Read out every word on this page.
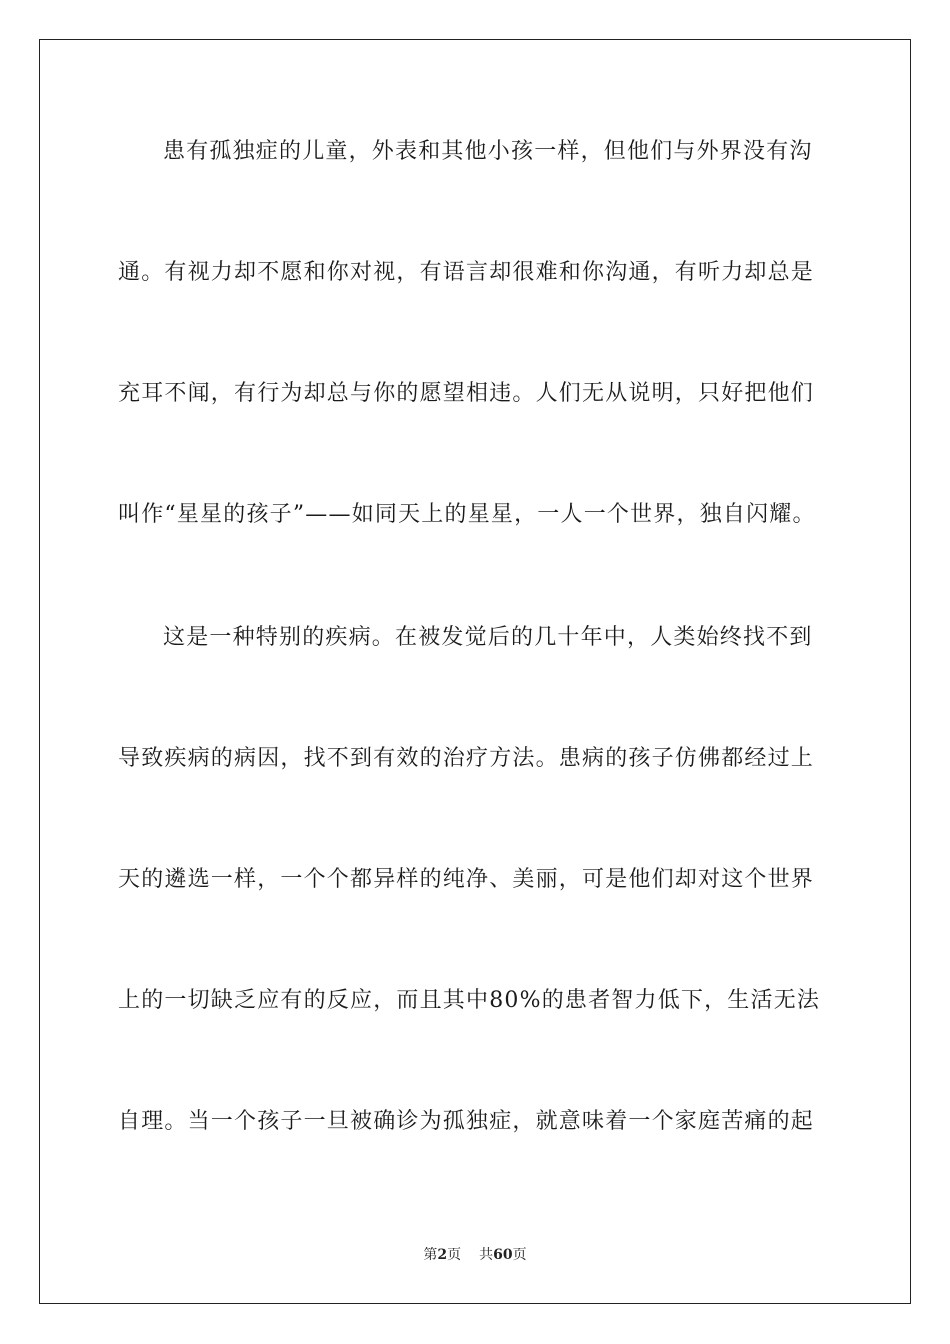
患有孤独症的儿童，外表和其他小孩一样，但他们与外界没有沟
通。有视力却不愿和你对视，有语言却很难和你沟通，有听力却总是
充耳不闻，有行为却总与你的愿望相违。人们无从说明，只好把他们
叫作“星星的孩子”——如同天上的星星，一人一个世界，独自闪耀。
这是一种特别的疾病。在被发觉后的几十年中，人类始终找不到
导致疾病的病因，找不到有效的治疗方法。患病的孩子仿佛都经过上
天的遴选一样，一个个都异样的纯净、美丽，可是他们却对这个世界
上的一切缺乏应有的反应，而且其中80%的患者智力低下，生活无法
自理。当一个孩子一旦被确诊为孤独症，就意味着一个家庭苦痛的起
第2页 共60页
